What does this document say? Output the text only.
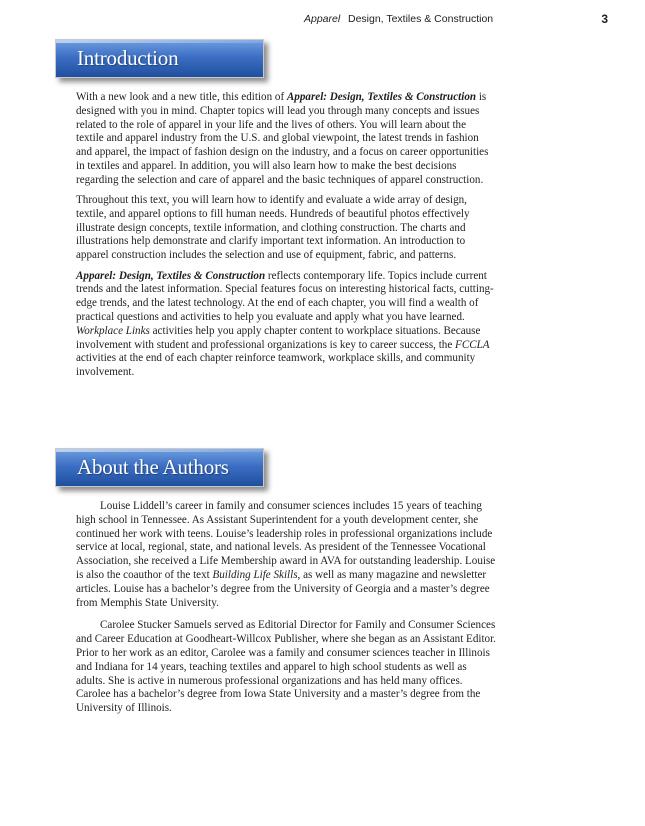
Apparel Design, Textiles & Construction	3
Introduction

With a new look and a new title, this edition of Apparel: Design, Textiles & Construction is designed with you in mind. Chapter topics will lead you through many concepts and issues related to the role of apparel in your life and the lives of others. You will learn about the textile and apparel industry from the U.S. and global viewpoint, the latest trends in fashion and apparel, the impact of fashion design on the industry, and a focus on career opportunities in textiles and apparel. In addition, you will also learn how to make the best decisions regarding the selection and care of apparel and the basic techniques of apparel construction.

Throughout this text, you will learn how to identify and evaluate a wide array of design, textile, and apparel options to fill human needs. Hundreds of beautiful photos effectively illustrate design concepts, textile information, and clothing construction. The charts and illustrations help demonstrate and clarify important text information. An introduction to apparel construction includes the selection and use of equipment, fabric, and patterns.

Apparel: Design, Textiles & Construction reflects contemporary life. Topics include current trends and the latest information. Special features focus on interesting historical facts, cutting-edge trends, and the latest technology. At the end of each chapter, you will find a wealth of practical questions and activities to help you evaluate and apply what you have learned. Workplace Links activities help you apply chapter content to workplace situations. Because involvement with student and professional organizations is key to career success, the FCCLA activities at the end of each chapter reinforce teamwork, workplace skills, and community involvement.

About the Authors

Louise Liddell’s career in family and consumer sciences includes 15 years of teaching high school in Tennessee. As Assistant Superintendent for a youth development center, she continued her work with teens. Louise’s leadership roles in professional organizations include service at local, regional, state, and national levels. As president of the Tennessee Vocational Association, she received a Life Membership award in AVA for outstanding leadership. Louise is also the coauthor of the text Building Life Skills, as well as many magazine and newsletter articles. Louise has a bachelor’s degree from the University of Georgia and a master’s degree from Memphis State University.

Carolee Stucker Samuels served as Editorial Director for Family and Consumer Sciences and Career Education at Goodheart-Willcox Publisher, where she began as an Assistant Editor. Prior to her work as an editor, Carolee was a family and consumer sciences teacher in Illinois and Indiana for 14 years, teaching textiles and apparel to high school students as well as adults. She is active in numerous professional organizations and has held many offices. Carolee has a bachelor’s degree from Iowa State University and a master’s degree from the University of Illinois.
